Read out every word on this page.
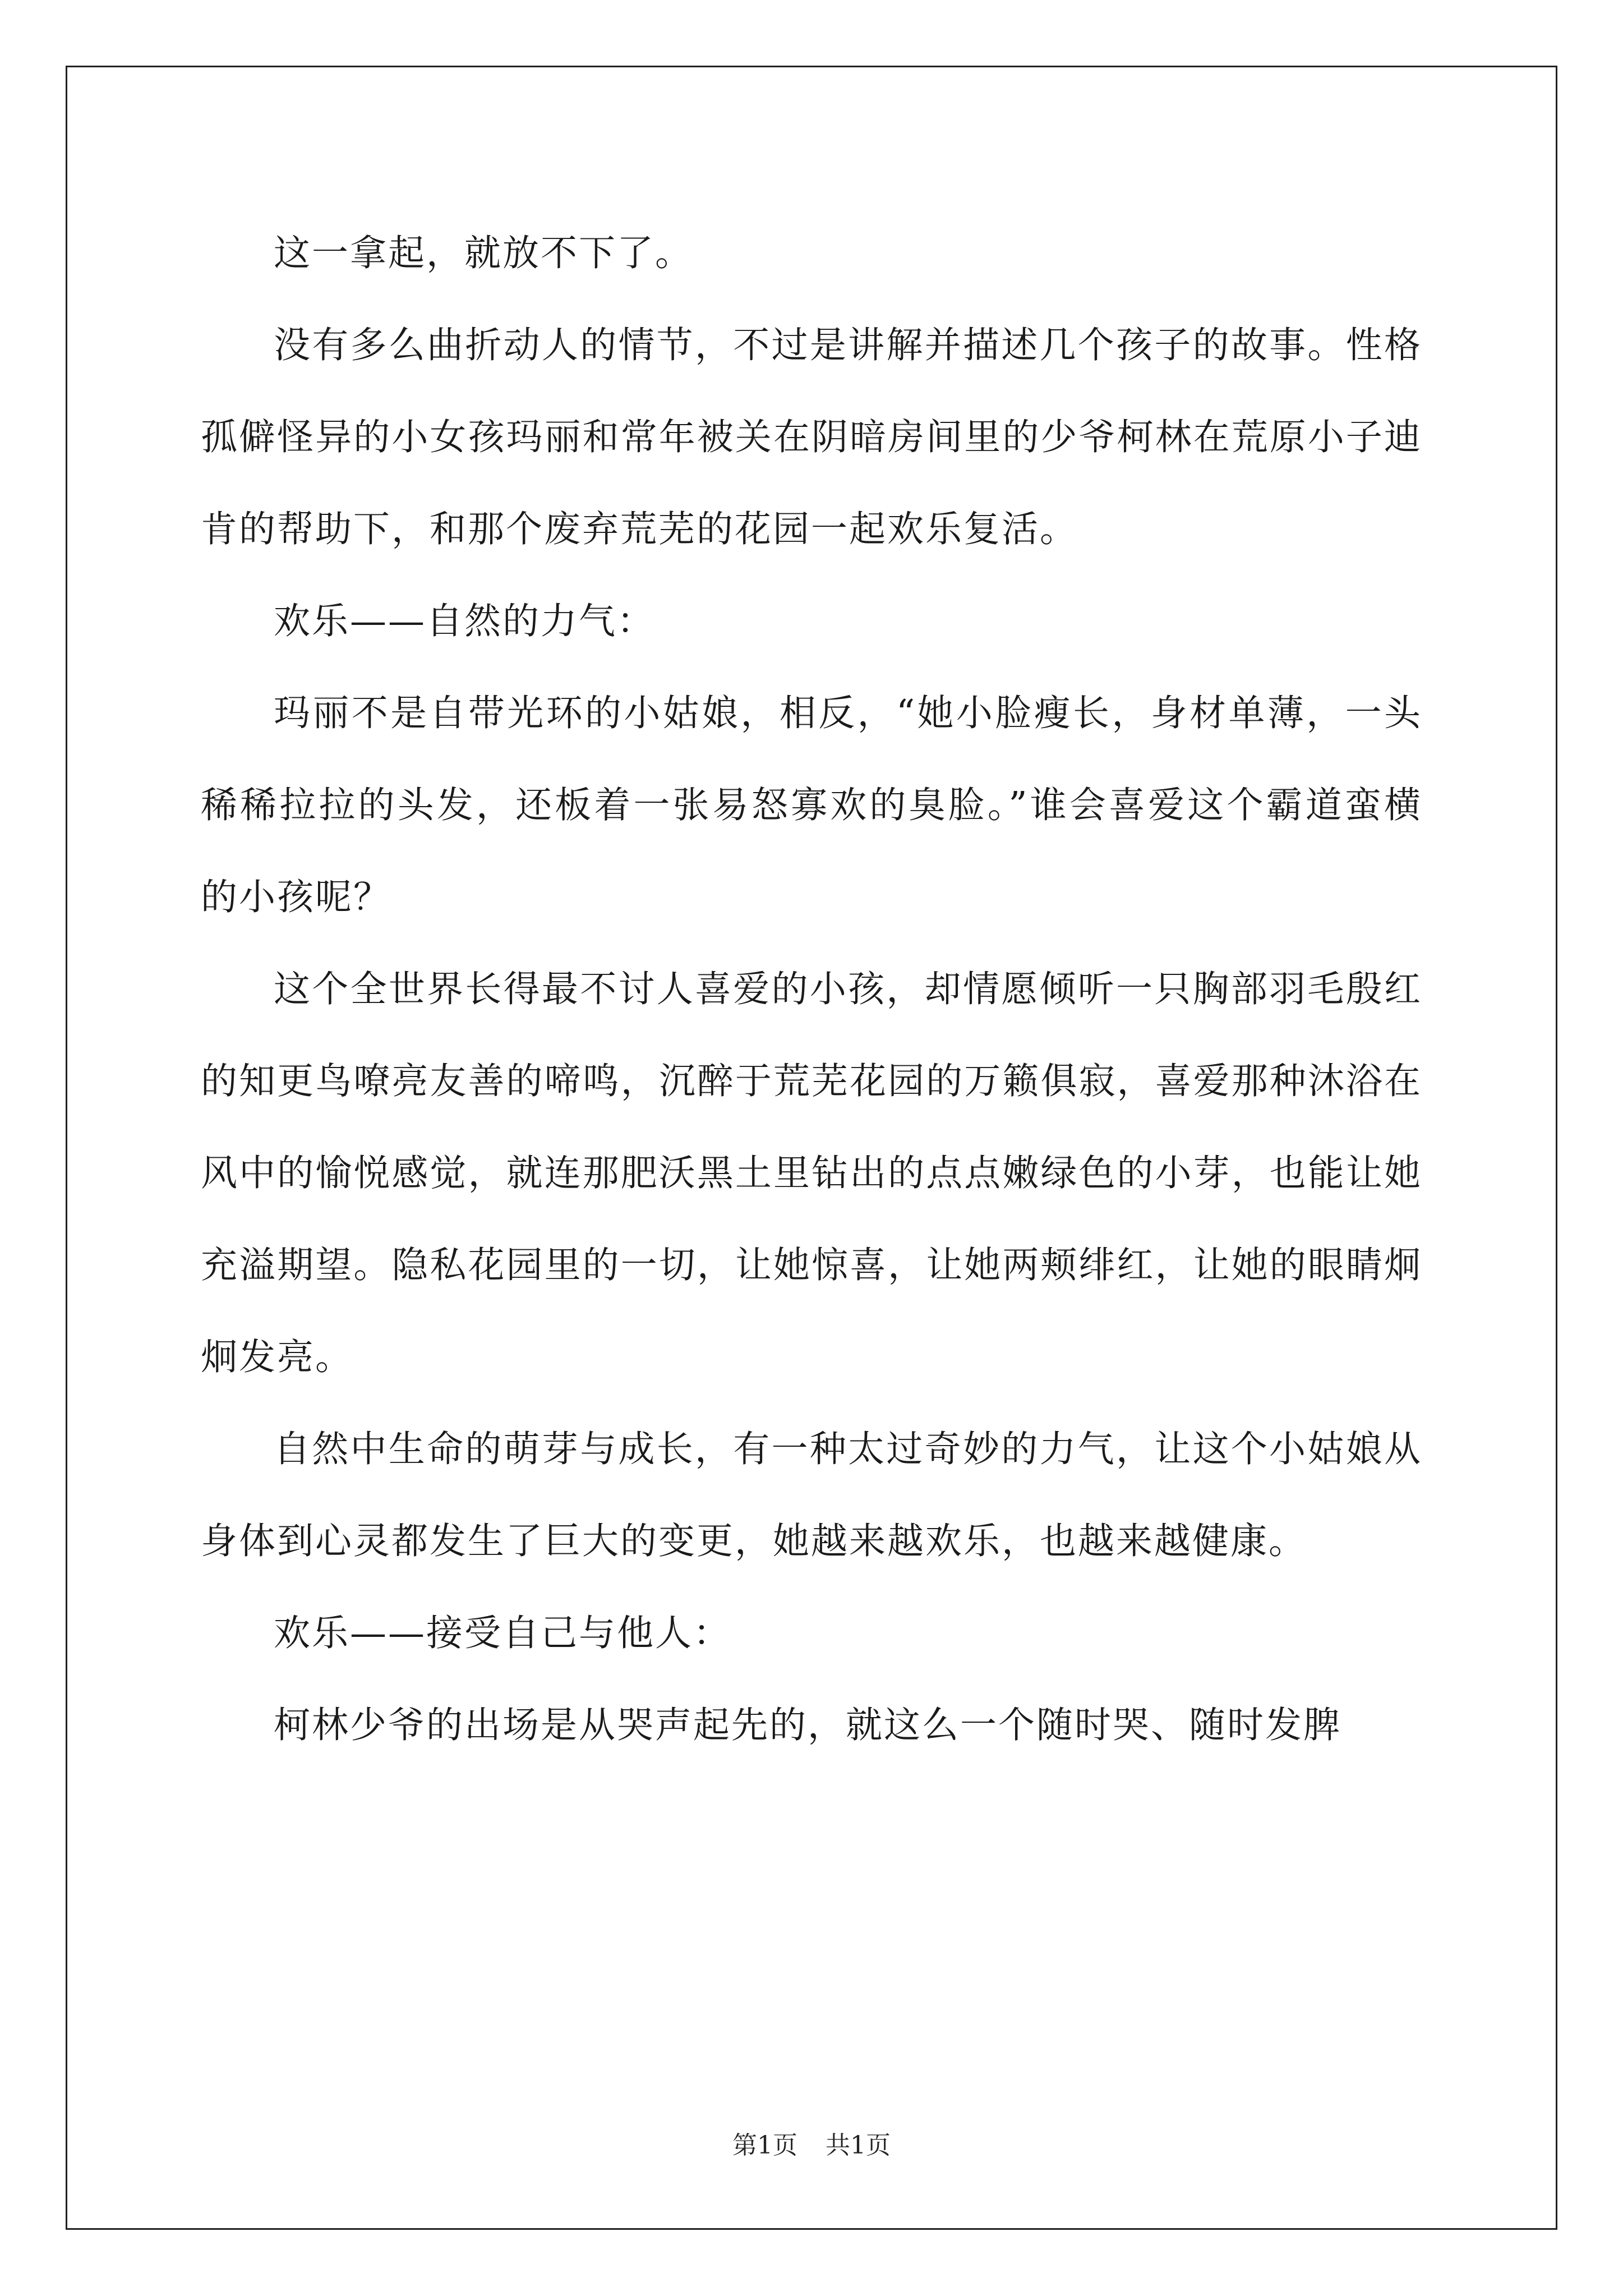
这一拿起，就放不下了。

没有多么曲折动人的情节，不过是讲解并描述几个孩子的故事。性格孤僻怪异的小女孩玛丽和常年被关在阴暗房间里的少爷柯林在荒原小子迪肯的帮助下，和那个废弃荒芜的花园一起欢乐复活。

欢乐——自然的力气：

玛丽不是自带光环的小姑娘，相反，“她小脸瘦长，身材单薄，一头稀稀拉拉的头发，还板着一张易怒寡欢的臭脸。”谁会喜爱这个霸道蛮横的小孩呢？

这个全世界长得最不讨人喜爱的小孩，却情愿倾听一只胸部羽毛殷红的知更鸟嘹亮友善的啼鸣，沉醉于荒芜花园的万籁俱寂，喜爱那种沐浴在风中的愉悦感觉，就连那肥沃黑土里钻出的点点嫩绿色的小芽，也能让她充溢期望。隐私花园里的一切，让她惊喜，让她两颊绯红，让她的眼睛炯炯发亮。

自然中生命的萌芽与成长，有一种太过奇妙的力气，让这个小姑娘从身体到心灵都发生了巨大的变更，她越来越欢乐，也越来越健康。

欢乐——接受自己与他人：

柯林少爷的出场是从哭声起先的，就这么一个随时哭、随时发脾

第1页 共1页
